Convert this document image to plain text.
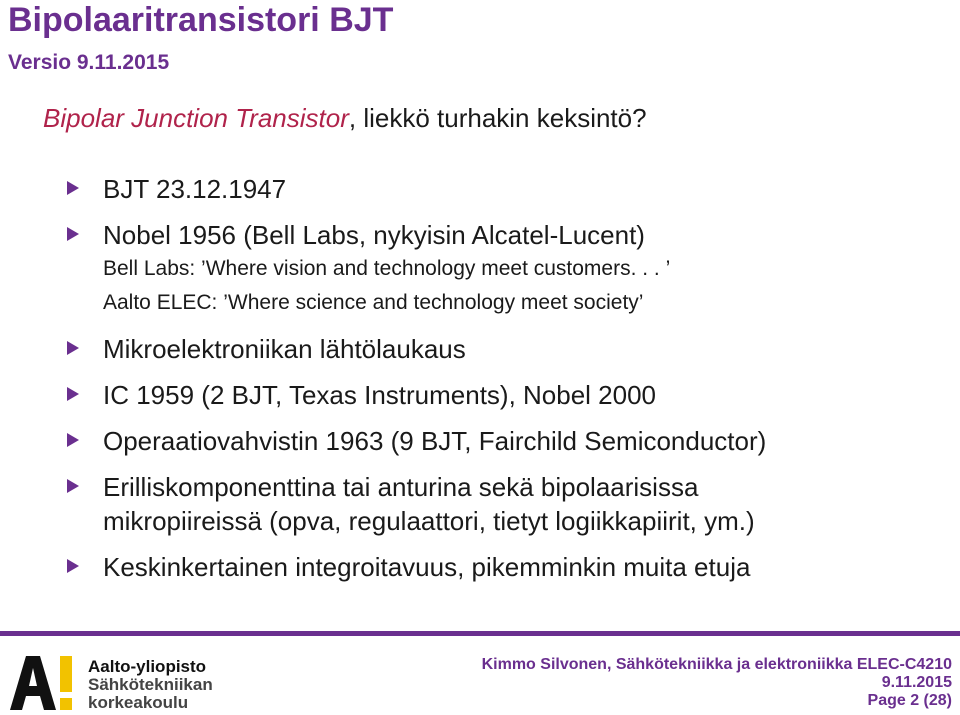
Bipolaaritransistori BJT
Versio 9.11.2015
Bipolar Junction Transistor, liekkö turhakin keksintö?
BJT 23.12.1947
Nobel 1956 (Bell Labs, nykyisin Alcatel-Lucent)
Bell Labs: ’Where vision and technology meet customers. . . ’
Aalto ELEC: ’Where science and technology meet society’
Mikroelektroniikan lähtölaukaus
IC 1959 (2 BJT, Texas Instruments), Nobel 2000
Operaatiovahvistin 1963 (9 BJT, Fairchild Semiconductor)
Erilliskomponenttina tai anturina sekä bipolaarisissa
mikropiireissä (opva, regulaattori, tietyt logiikkapiirit, ym.)
Keskinkertainen integroitavuus, pikemminkin muita etuja
Aalto-yliopisto
Sähkötekniikan
korkeakoulu
Kimmo Silvonen, Sähkötekniikka ja elektroniikka ELEC-C4210
9.11.2015
Page 2 (28)
